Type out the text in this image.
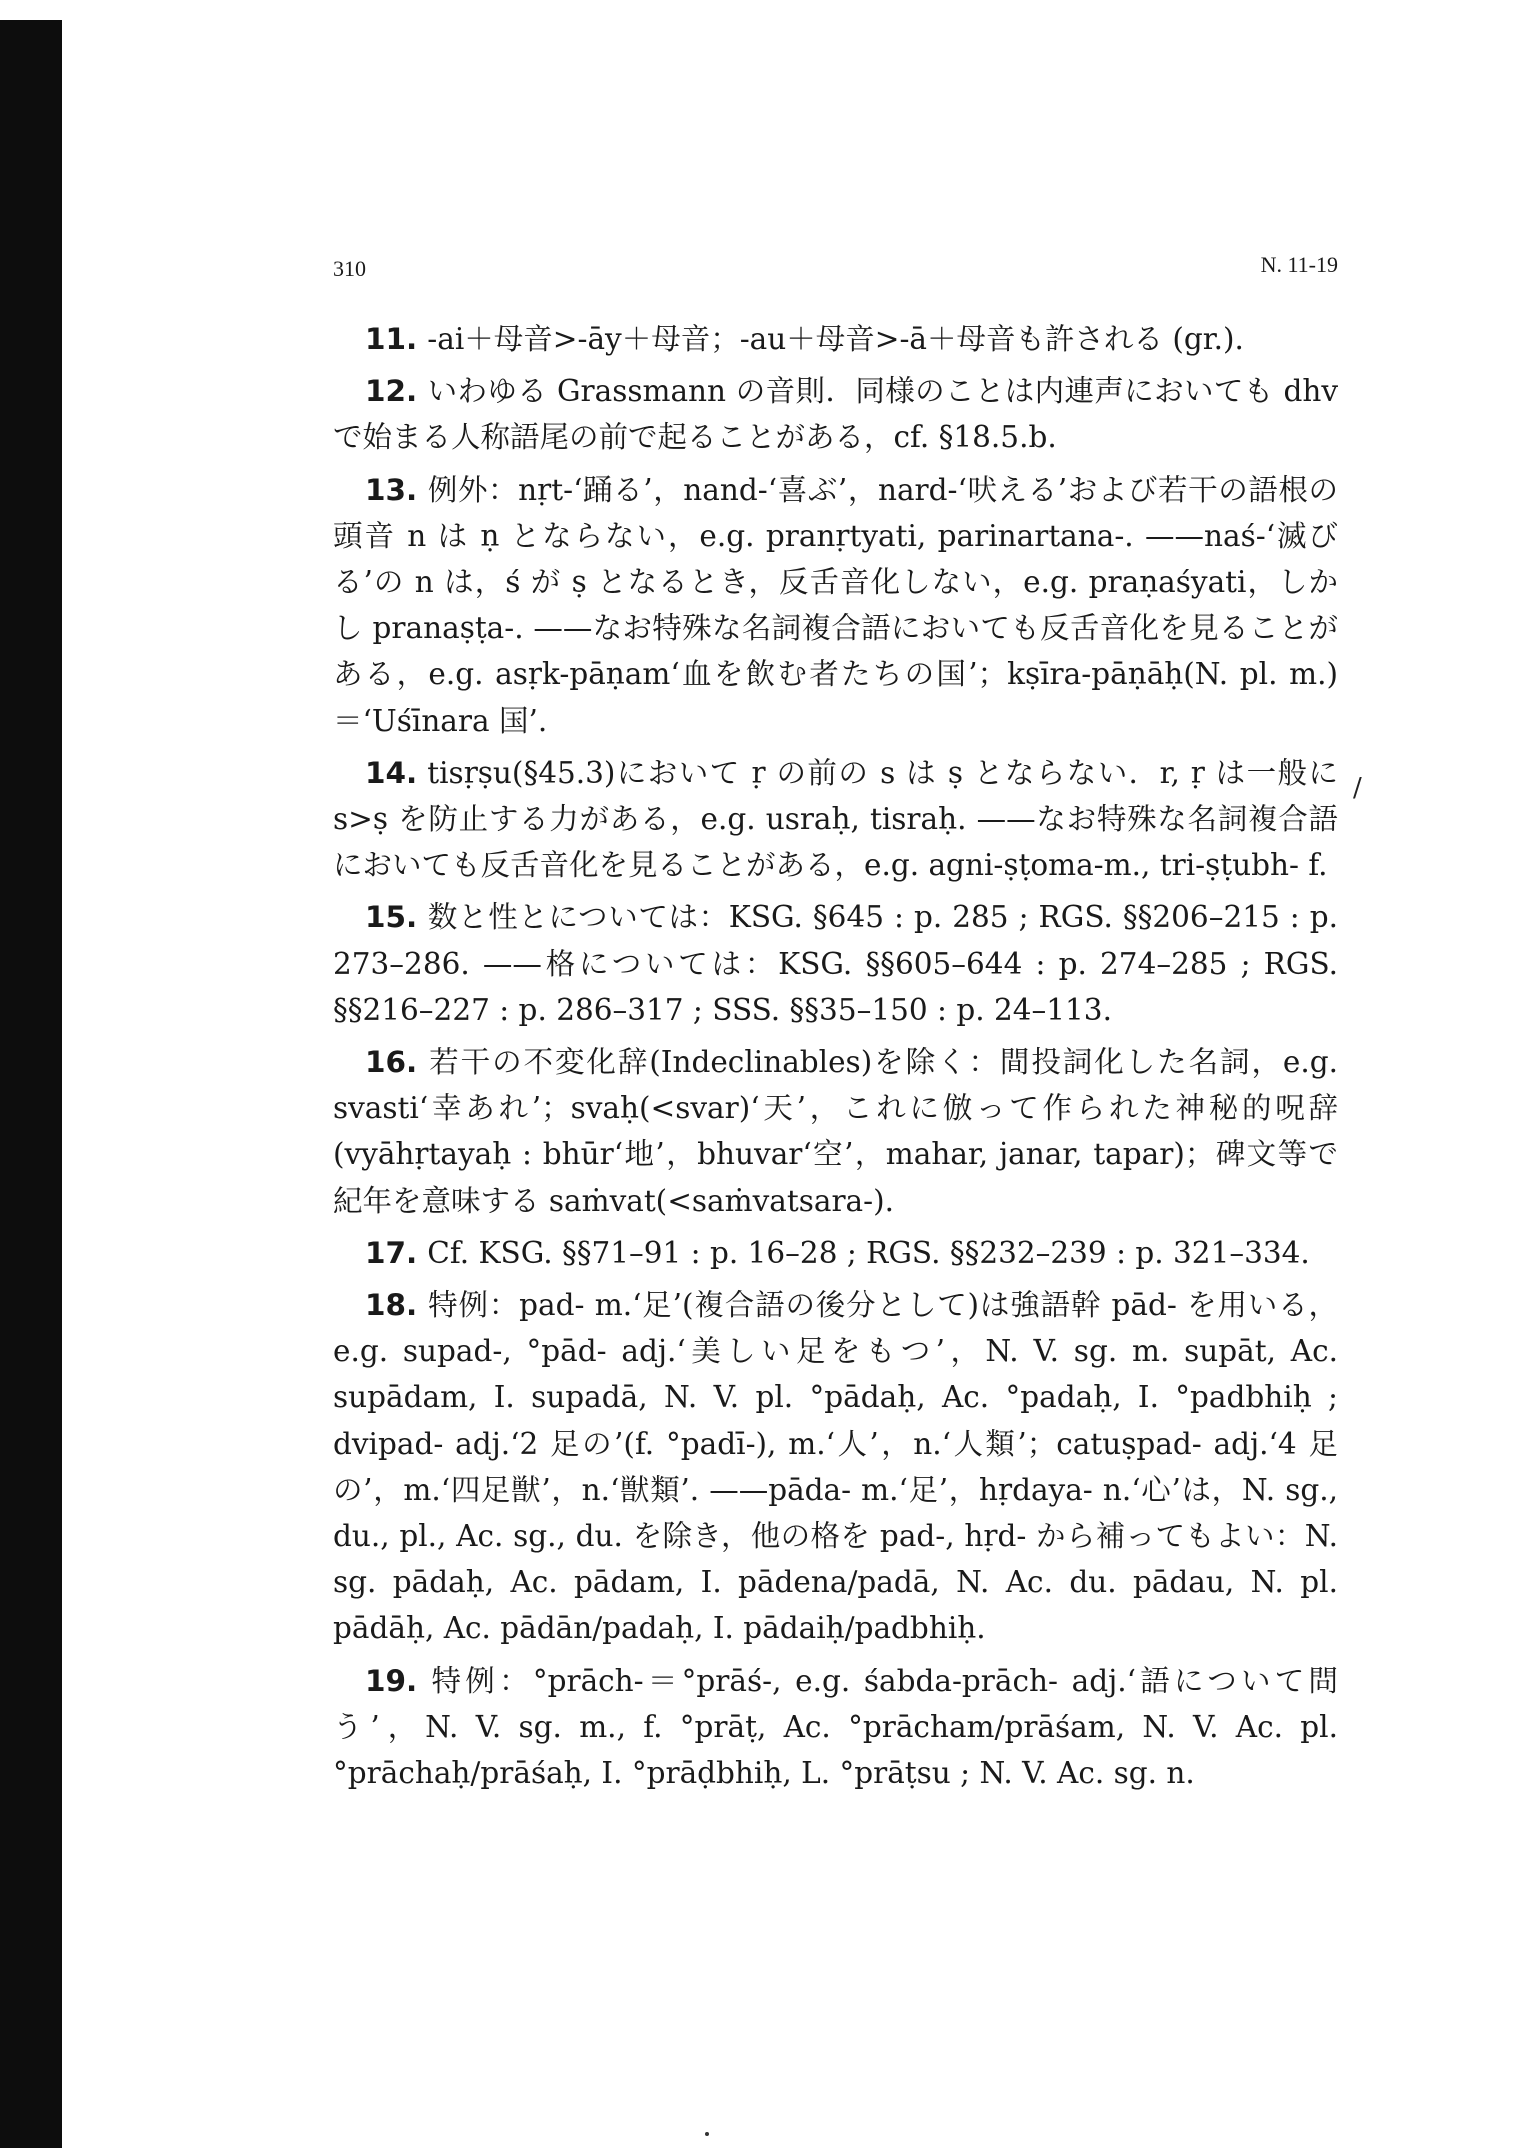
310	N. 11-19

11. -ai＋母音>-āy＋母音；-au＋母音>-ā＋母音も許される (gr.).

12. いわゆる Grassmann の音則．同様のことは内連声においても dhv で始まる人称語尾の前で起ることがある，cf. §18.5.b.

13. 例外：nṛt-‘踊る’，nand-‘喜ぶ’，nard-‘吠える’および若干の語根の頭音 n は ṇ とならない，e.g. pranṛtyati, parinartana-. ——naś-‘滅びる’の n は，ś が ṣ となるとき，反舌音化しない，e.g. praṇaśyati，しかし pranaṣṭa-. ——なお特殊な名詞複合語においても反舌音化を見ることがある，e.g. asṛk-pāṇam‘血を飲む者たちの国’；kṣīra-pāṇāḥ(N. pl. m.)＝‘Uśīnara 国’.

14. tisṛṣu(§45.3)において ṛ の前の s は ṣ とならない．r, ṛ は一般に s>ṣ を防止する力がある，e.g. usraḥ, tisraḥ. ——なお特殊な名詞複合語においても反舌音化を見ることがある，e.g. agni-ṣṭoma-m., tri-ṣṭubh- f.

15. 数と性とについては：KSG. §645 : p. 285 ; RGS. §§206–215 : p. 273–286. ——格については：KSG. §§605–644 : p. 274–285 ; RGS. §§216–227 : p. 286–317 ; SSS. §§35–150 : p. 24–113.

16. 若干の不変化辞(Indeclinables)を除く：間投詞化した名詞，e.g. svasti‘幸あれ’；svaḥ(<svar)‘天’，これに倣って作られた神秘的呪辞(vyāhṛtayaḥ : bhūr‘地’，bhuvar‘空’，mahar, janar, tapar)；碑文等で紀年を意味する saṁvat(<saṁvatsara-).

17. Cf. KSG. §§71–91 : p. 16–28 ; RGS. §§232–239 : p. 321–334.

18. 特例：pad- m.‘足’(複合語の後分として)は強語幹 pād- を用いる，e.g. supad-, °pād- adj.‘美しい足をもつ’，N. V. sg. m. supāt, Ac. supādam, I. supadā, N. V. pl. °pādaḥ, Ac. °padaḥ, I. °padbhiḥ ; dvipad- adj.‘2 足の’(f. °padī-), m.‘人’，n.‘人類’；catuṣpad- adj.‘4 足の’，m.‘四足獣’，n.‘獣類’. ——pāda- m.‘足’，hṛdaya- n.‘心’は，N. sg., du., pl., Ac. sg., du. を除き，他の格を pad-, hṛd- から補ってもよい：N. sg. pādaḥ, Ac. pādam, I. pādena/padā, N. Ac. du. pādau, N. pl. pādāḥ, Ac. pādān/padaḥ, I. pādaiḥ/padbhiḥ.

19. 特例：°prāch-＝°prāś-, e.g. śabda-prāch- adj.‘語について問う’，N. V. sg. m., f. °prāṭ, Ac. °prācham/prāśam, N. V. Ac. pl. °prāchaḥ/prāśaḥ, I. °prāḍbhiḥ, L. °prāṭsu ; N. V. Ac. sg. n.

/
